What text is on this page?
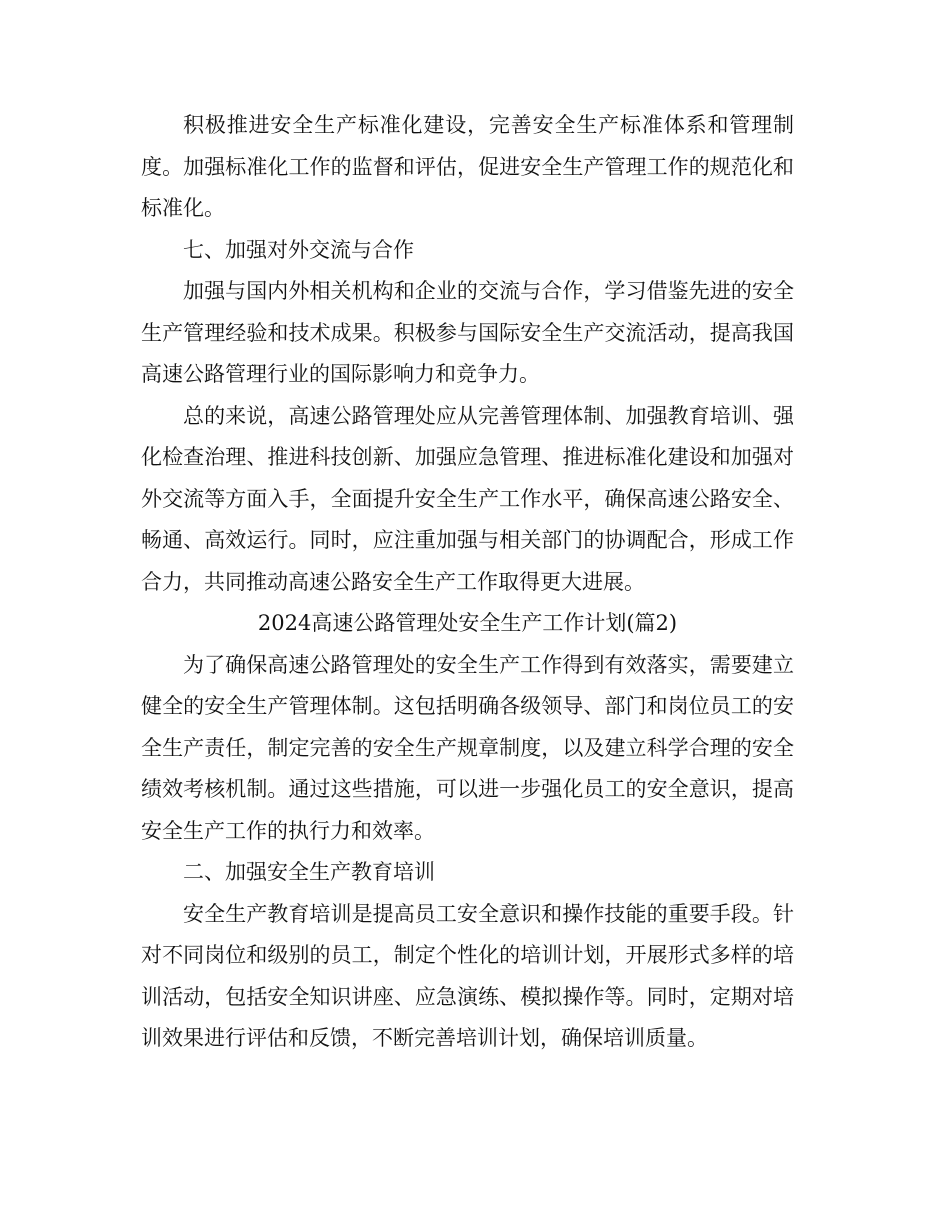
积极推进安全生产标准化建设，完善安全生产标准体系和管理制度。加强标准化工作的监督和评估，促进安全生产管理工作的规范化和标准化。

七、加强对外交流与合作

加强与国内外相关机构和企业的交流与合作，学习借鉴先进的安全生产管理经验和技术成果。积极参与国际安全生产交流活动，提高我国高速公路管理行业的国际影响力和竞争力。

总的来说，高速公路管理处应从完善管理体制、加强教育培训、强化检查治理、推进科技创新、加强应急管理、推进标准化建设和加强对外交流等方面入手，全面提升安全生产工作水平，确保高速公路安全、畅通、高效运行。同时，应注重加强与相关部门的协调配合，形成工作合力，共同推动高速公路安全生产工作取得更大进展。

2024高速公路管理处安全生产工作计划(篇2)

为了确保高速公路管理处的安全生产工作得到有效落实，需要建立健全的安全生产管理体制。这包括明确各级领导、部门和岗位员工的安全生产责任，制定完善的安全生产规章制度，以及建立科学合理的安全绩效考核机制。通过这些措施，可以进一步强化员工的安全意识，提高安全生产工作的执行力和效率。

二、加强安全生产教育培训

安全生产教育培训是提高员工安全意识和操作技能的重要手段。针对不同岗位和级别的员工，制定个性化的培训计划，开展形式多样的培训活动，包括安全知识讲座、应急演练、模拟操作等。同时，定期对培训效果进行评估和反馈，不断完善培训计划，确保培训质量。
